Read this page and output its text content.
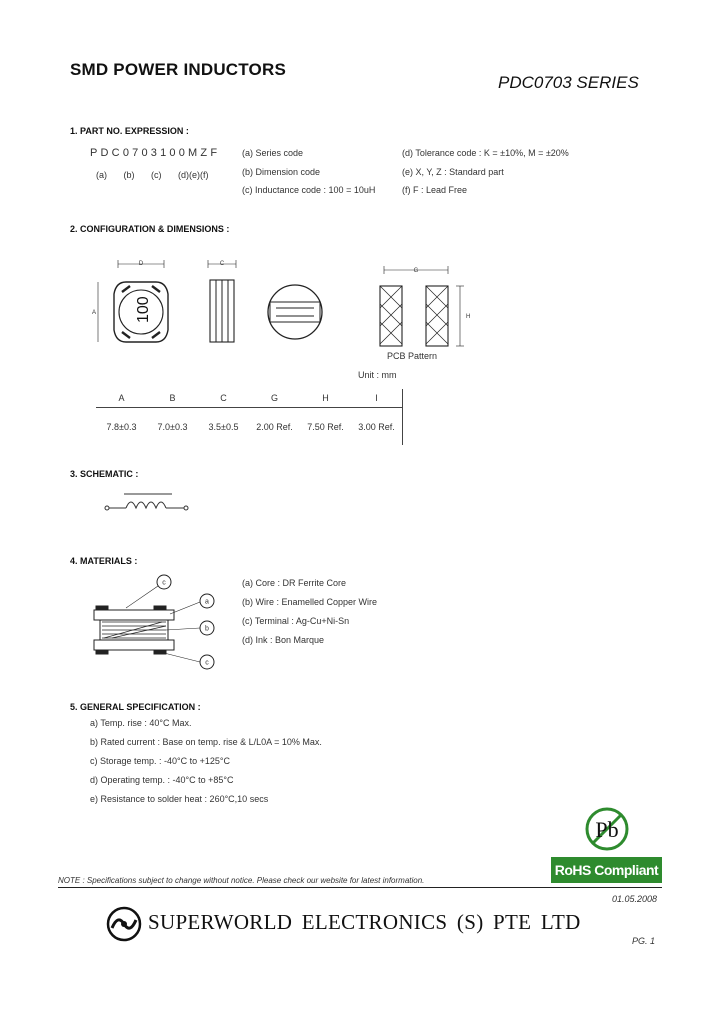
SMD POWER INDUCTORS
PDC0703 SERIES
1. PART NO. EXPRESSION :
PDC0703100MZF
(a) (b) (c) (d)(e)(f)
(a) Series code
(b) Dimension code
(c) Inductance code : 100 = 10uH
(d) Tolerance code : K = ±10%, M = ±20%
(e) X, Y, Z : Standard part
(f) F : Lead Free
2. CONFIGURATION & DIMENSIONS :
100
D
A
C
G
H
PCB Pattern
Unit : mm
A	B	C	G	H	I
7.8±0.3	7.0±0.3	3.5±0.5	2.00 Ref.	7.50 Ref.	3.00 Ref.
3. SCHEMATIC :
4. MATERIALS :
c
a
b
c
(a) Core : DR Ferrite Core
(b) Wire : Enamelled Copper Wire
(c) Terminal : Ag-Cu+Ni-Sn
(d) Ink : Bon Marque
5. GENERAL SPECIFICATION :
a) Temp. rise : 40°C Max.
b) Rated current : Base on temp. rise & L/L0A = 10% Max.
c) Storage temp. : -40°C to +125°C
d) Operating temp. : -40°C to +85°C
e) Resistance to solder heat : 260°C,10 secs
Pb
RoHS Compliant
NOTE : Specifications subject to change without notice. Please check our website for latest information.
01.05.2008
SUPERWORLD ELECTRONICS (S) PTE LTD
PG. 1
